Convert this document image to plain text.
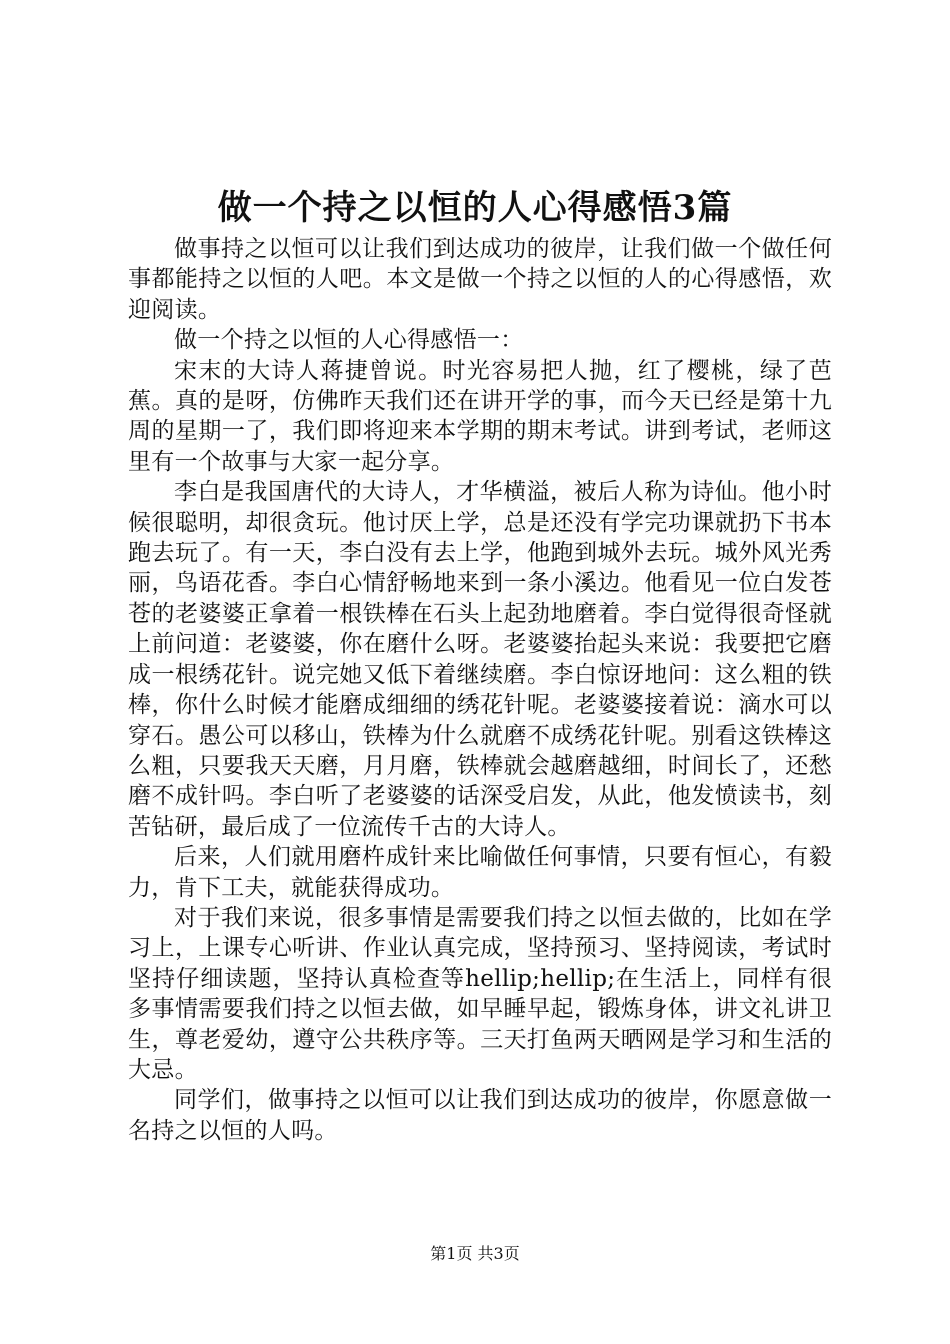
做一个持之以恒的人心得感悟3篇

做事持之以恒可以让我们到达成功的彼岸，让我们做一个做任何事都能持之以恒的人吧。本文是做一个持之以恒的人的心得感悟，欢迎阅读。

做一个持之以恒的人心得感悟一：

宋末的大诗人蒋捷曾说。时光容易把人抛，红了樱桃，绿了芭蕉。真的是呀，仿佛昨天我们还在讲开学的事，而今天已经是第十九周的星期一了，我们即将迎来本学期的期末考试。讲到考试，老师这里有一个故事与大家一起分享。

李白是我国唐代的大诗人，才华横溢，被后人称为诗仙。他小时候很聪明，却很贪玩。他讨厌上学，总是还没有学完功课就扔下书本跑去玩了。有一天，李白没有去上学，他跑到城外去玩。城外风光秀丽，鸟语花香。李白心情舒畅地来到一条小溪边。他看见一位白发苍苍的老婆婆正拿着一根铁棒在石头上起劲地磨着。李白觉得很奇怪就上前问道：老婆婆，你在磨什么呀。老婆婆抬起头来说：我要把它磨成一根绣花针。说完她又低下着继续磨。李白惊讶地问：这么粗的铁棒，你什么时候才能磨成细细的绣花针呢。老婆婆接着说：滴水可以穿石。愚公可以移山，铁棒为什么就磨不成绣花针呢。别看这铁棒这么粗，只要我天天磨，月月磨，铁棒就会越磨越细，时间长了，还愁磨不成针吗。李白听了老婆婆的话深受启发，从此，他发愤读书，刻苦钻研，最后成了一位流传千古的大诗人。

后来，人们就用磨杵成针来比喻做任何事情，只要有恒心，有毅力，肯下工夫，就能获得成功。

对于我们来说，很多事情是需要我们持之以恒去做的，比如在学习上，上课专心听讲、作业认真完成，坚持预习、坚持阅读，考试时坚持仔细读题，坚持认真检查等hellip;hellip;在生活上，同样有很多事情需要我们持之以恒去做，如早睡早起，锻炼身体，讲文礼讲卫生，尊老爱幼，遵守公共秩序等。三天打鱼两天晒网是学习和生活的大忌。

同学们，做事持之以恒可以让我们到达成功的彼岸，你愿意做一名持之以恒的人吗。

第1页 共3页
